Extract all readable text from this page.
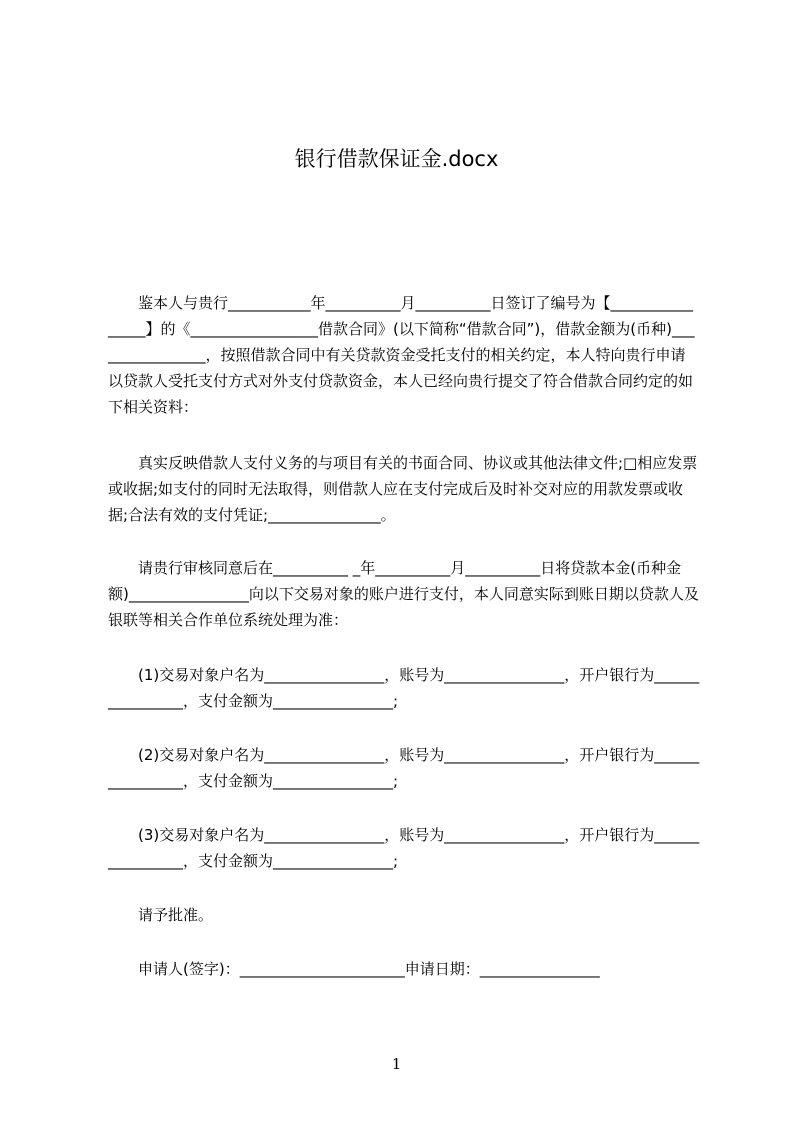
银行借款保证金.docx

鉴本人与贵行___________年__________月__________日签订了编号为【________________】的《_________________借款合同》(以下简称“借款合同”)，借款金额为(币种)________________，按照借款合同中有关贷款资金受托支付的相关约定，本人特向贵行申请以贷款人受托支付方式对外支付贷款资金，本人已经向贵行提交了符合借款合同约定的如下相关资料：

真实反映借款人支付义务的与项目有关的书面合同、协议或其他法律文件;□相应发票或收据;如支付的同时无法取得，则借款人应在支付完成后及时补交对应的用款发票或收据;合法有效的支付凭证;_______________。

请贵行审核同意后在__________ _年__________月__________日将贷款本金(币种金额)________________向以下交易对象的账户进行支付，本人同意实际到账日期以贷款人及银联等相关合作单位系统处理为准：

(1)交易对象户名为________________，账号为________________，开户银行为________________，支付金额为________________;

(2)交易对象户名为________________，账号为________________，开户银行为________________，支付金额为________________;

(3)交易对象户名为________________，账号为________________，开户银行为________________，支付金额为________________;

请予批准。

申请人(签字)：______________________申请日期：________________

1
